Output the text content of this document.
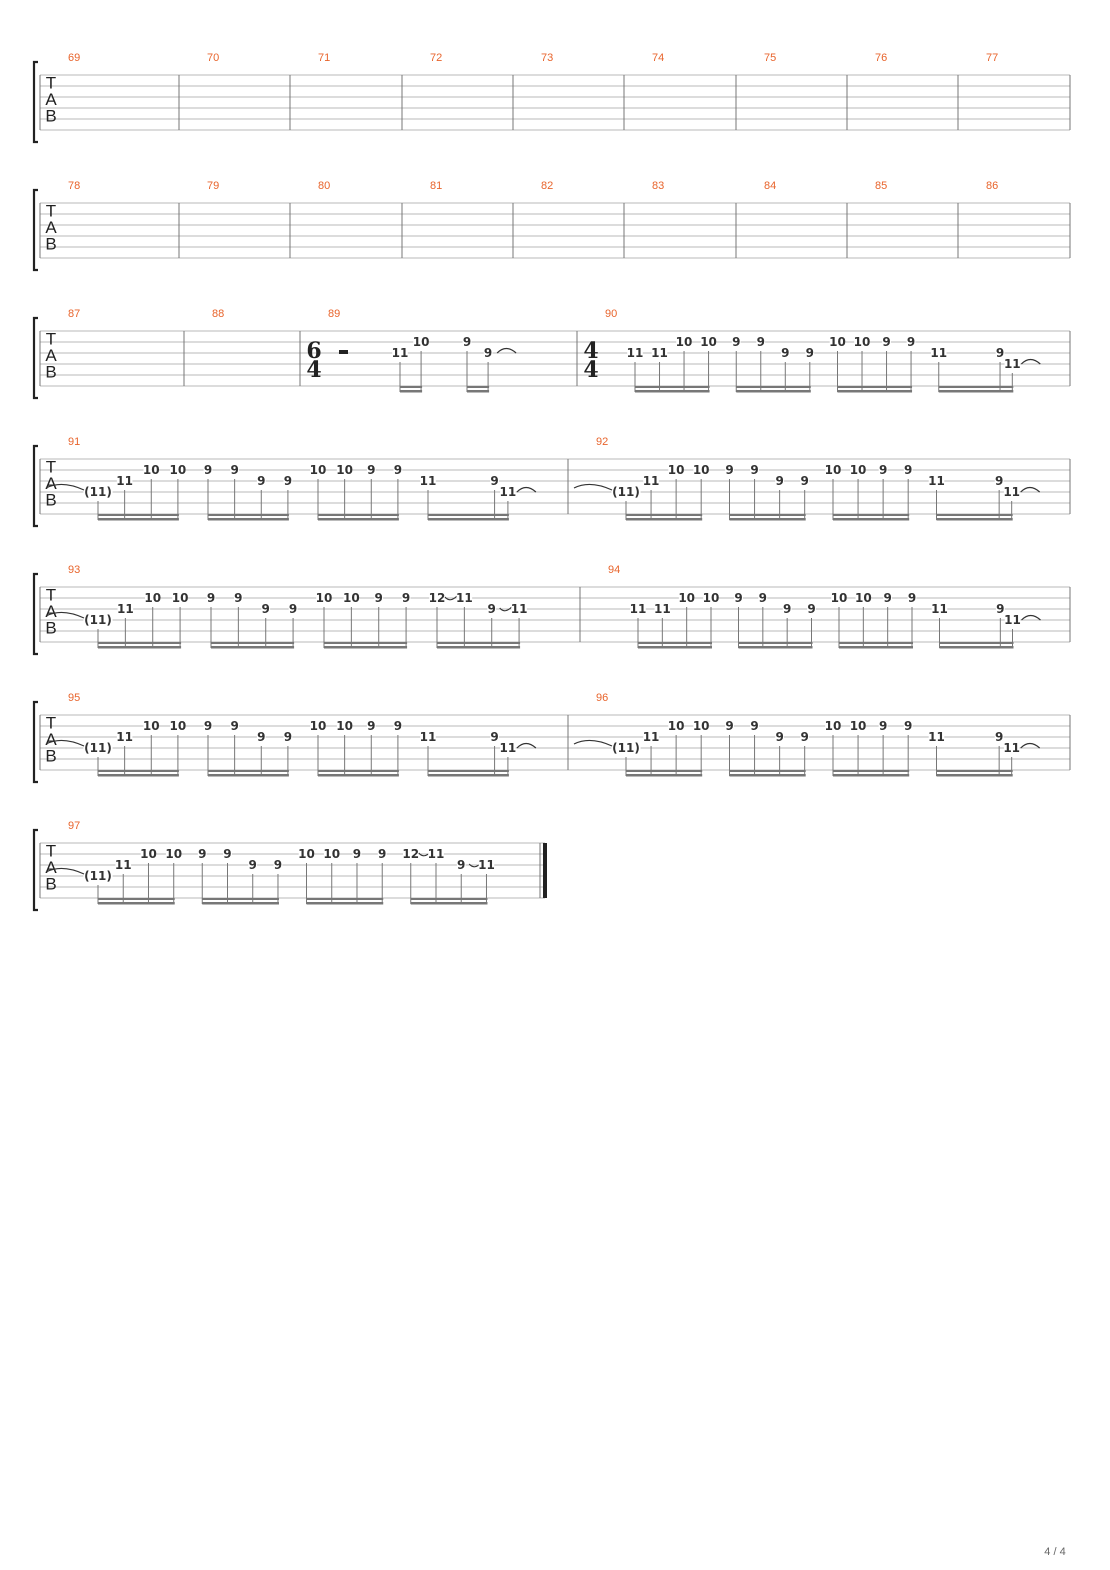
T
A
B
69	70	71	72	73	74	75	76	77
T
A
B
78	79	80	81	82	83	84	85	86
T
A
B
87	88	89
6
4
11
10	9
9
90
4
4
11 11
10 10 9 9
9 9
10 10 9 9
11	9
11
T
A
B
91
(11)
11
10 10 9 9
9 9
10 10 9 9
11	9
11
92
(11)
11
10 10 9 9
9 9
10 10 9 9
11	9
11
T
A
B
93
(11)
11
10 10 9 9
9 9
10 10 9 9 12 11
9 11
94
11 11
10 10 9 9
9 9
10 10 9 9
11	9
11
T
A
B
95
(11)
11
10 10 9 9
9 9
10 10 9 9
11	9
11
96
(11)
11
10 10 9 9
9 9
10 10 9 9
11	9
11
T
A
B
97
(11)
11
10 10 9 9
9 9
10 10 9 9 12 11
9 11
4 / 4
